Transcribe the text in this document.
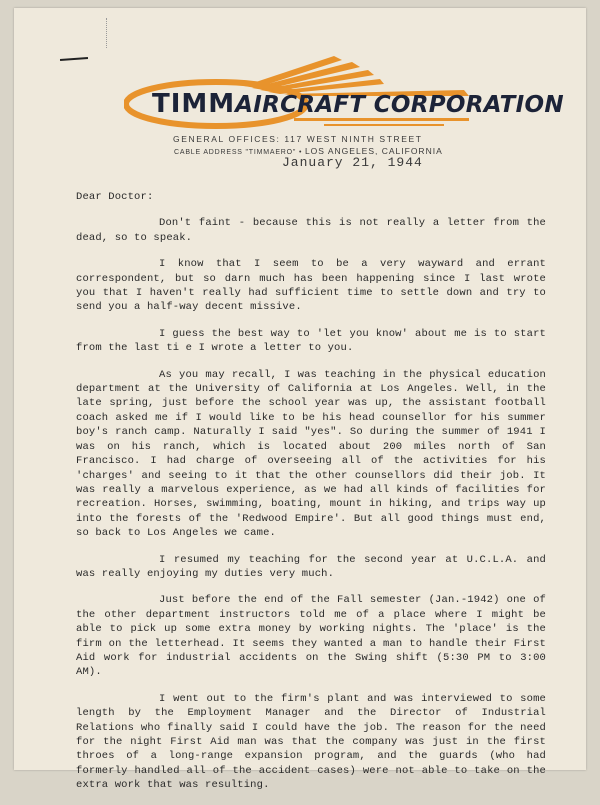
TIMMAIRCRAFT CORPORATION
GENERAL OFFICES: 117 WEST NINTH STREET
CABLE ADDRESS "TIMMAERO" • LOS ANGELES, CALIFORNIA
January 21, 1944

Dear Doctor:

Don't faint - because this is not really a letter from the dead, so to speak.

I know that I seem to be a very wayward and errant correspondent, but so darn much has been happening since I last wrote you that I haven't really had sufficient time to settle down and try to send you a half-way decent missive.

I guess the best way to 'let you know' about me is to start from the last ti e I wrote a letter to you.

As you may recall, I was teaching in the physical education department at the University of California at Los Angeles. Well, in the late spring, just before the school year was up, the assistant football coach asked me if I would like to be his head counsellor for his summer boy's ranch camp. Naturally I said "yes". So during the summer of 1941 I was on his ranch, which is located about 200 miles north of San Francisco. I had charge of overseeing all of the activities for his 'charges' and seeing to it that the other counsellors did their job. It was really a marvelous experience, as we had all kinds of facilities for recreation. Horses, swimming, boating, mount in hiking, and trips way up into the forests of the 'Redwood Empire'. But all good things must end, so back to Los Angeles we came.

I resumed my teaching for the second year at U.C.L.A. and was really enjoying my duties very much.

Just before the end of the Fall semester (Jan.-1942) one of the other department instructors told me of a place where I might be able to pick up some extra money by working nights. The 'place' is the firm on the letterhead. It seems they wanted a man to handle their First Aid work for industrial accidents on the Swing shift (5:30 PM to 3:00 AM).

I went out to the firm's plant and was interviewed to some length by the Employment Manager and the Director of Industrial Relations who finally said I could have the job. The reason for the need for the night First Aid man was that the company was just in the first throes of a long-range expansion program, and the guards (who had formerly handled all of the accident cases) were not able to take on the extra work that was resulting.
